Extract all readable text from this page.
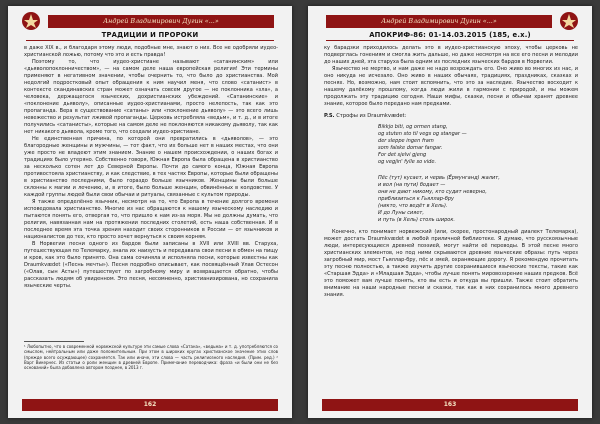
Андрей Владимирович Дугин «...»
ТРАДИЦИИ И ПРОРОКИ

в даже XIX в., и благодаря этому люди, подобные мне, знают о них. Все не одобряли иудео-христианской ложью, потому что это и есть правда!

Поэтому то, что иудео-христиане называют «сатанинским» или «дьяволопоклонничеством», — на самом деле наша европейская религия! Эти термины применяют в негативном значении, чтобы очернить то, что было до христианства. Мой недолгий подростковый опыт обращения к ним научил меня, что слово «сатанист» в контексте скандинавских стран может означать совсем другое — не поклонника «зла», а человека, держащегося языческих, дохристианских убеждений. «Сатанинские» и «поклонение дьяволу», описанные иудео-христианами, просто нелепость, так как это пропаганда. Вера в существование «сатаны» или «поклонение дьяволу» — это всего лишь невежество и результат лживой пропаганды. Церковь истребляла «ведьм», и т. д., и в итоге получились «сатанисты», которые на самом деле не поклоняются никакому дьяволу, так как нет никакого дьявола, кроме того, что создали иудео-христиане.

Не единственная причина, по которой они превратились в «дьяволов», — это благородные женщины и мужчины, — тот факт, что их больше нет в наших местах, что они уже просто не владеют этим знанием. Знание о нашем происхождении, о наших богах и традициях было утеряно. Собственно говоря, Южная Европа была обращена в христианство за несколько сотен лет до Северной Европы. Почти до самого конца, Южная Европа противостояла христианству, и как следствие, в тех частях Европы, которые были обращены в христианство последними, было гораздо больше язычников. Женщины были больше склонны к магии и лечению, и, в итоге, было больше женщин, обвинённых в колдовстве. У каждой группы людей были свои обычаи и ритуалы, связанные с культом природы.

Я также определённо язычник, несмотря на то, что Европа в течение долгого времени исповедовала христианство. Многие из нас обращаются к нашему языческому наследию и пытаются понять его, отвергая то, что пришло к нам из-за моря. Мы не должны думать, что религия, навязанная нам на протяжении последних столетий, есть наша собственная. И в последнее время эта точка зрения находит своих сторонников в России — от язычников и националистов до тех, кто просто хочет вернуться к своим корням.

В Норвегии песни одного из бардов были записаны в XVII или XVIII вв. Старуха, путешествующая по Телемарку, знала их наизусть и передавала свои песни в обмен на пищу и кров, как это было принято. Она сама сочиняла и исполняла песни, которые известны как Draumkvædet («Песнь мечты»). Песня подробно описывает, как посвящённый Улав Остесон («Олав, сын Асты») путешествует по загробному миру и возвращается обратно, чтобы рассказать людям об увиденном. Это песня, несомненно, христианизирована, но сохранила языческие черты.

¹ Любопытно, что в современной норвежской культуре эти самые слова «Сатана», «ведьма» и т. д. употребляются со смыслом, нейтральным или даже положительным. При этом в широких кругах христианское значение этих слов (прежде всего осуждающее) сохраняется. Так или иначе, эти слова — часть религиозного наследия. (Прим. ред.) ² Варг Викернес. Из статьи о роли женщин в древней Европе. Примечание переводчика: фраза «и были они не без оснований» была добавлена автором позднее, в 2013 г.
162
Андрей Владимирович Дугин «...»
АПОКРИФ-86: 01-14.03.2015 (185, е.х.)

ку барадзки приходилось делать это в иудео-христианскую эпоху, чтобы церковь не подверглась гонениям и смогла жить дальше, но даже несмотря на все его песни и мелодии до наших дней, эта старуха была одним из последних языческих бардов в Норвегии.

Язычество не мертво, и нам даже не надо возрождать его. Оно живо во многих из нас, и оно никуда не исчезало. Оно живо в наших обычаях, традициях, праздниках, сказках и песнях. Но, возможно, нам стоит вспомнить, что это за наследие. Язычество восходит к нашему далёкому прошлому, когда люди жили в гармонии с природой, и мы можем продолжать эту традицию сегодня. Наши мифы, сказки, песни и обычаи хранят древнее знание, которое было передано нам предками.

P.S. Строфы из Draumkvædet:

Bikkjo biti, og ormen stang,
og stuten sto til vegs og stangar —
der sleppe ingen fram
som falske domar fangar.
For det sjelvi gjeng
og vegjin' fylle so vide.
Пёс (тут) кусает, и червь (Ёрмунганд) жалит,
и вол (на пути) бодает —
они не дают никому, кто судит неверно,
приблизиться к Гьяллар-бру
(никто, что ведёт в Хель).
И до Луны сияет,
и путь (в Хель) столь широк.

Конечно, кто понимает норвежский (или, скорее, простонародный диалект Телемарка), может достать Draumkvædet в любой приличной библиотеке. Я думаю, что русскоязычные люди, интересующиеся древней поэзией, могут найти её переводы. В этой песне много христианских элементов, но под ними скрываются древние языческие образы: путь через загробный мир, мост Гьяллар-бру, пёс и змей, охраняющие дорогу. Я рекомендую прочитать эту песню полностью, а также изучить другие сохранившиеся языческие тексты, такие как «Старшая Эдда» и «Младшая Эдда», чтобы лучше понять мировоззрение наших предков. Всё это поможет вам лучше понять, кто вы есть и откуда вы пришли. Также стоит обратить внимание на наши народные песни и сказки, так как в них сохранилось много древнего знания.

163
